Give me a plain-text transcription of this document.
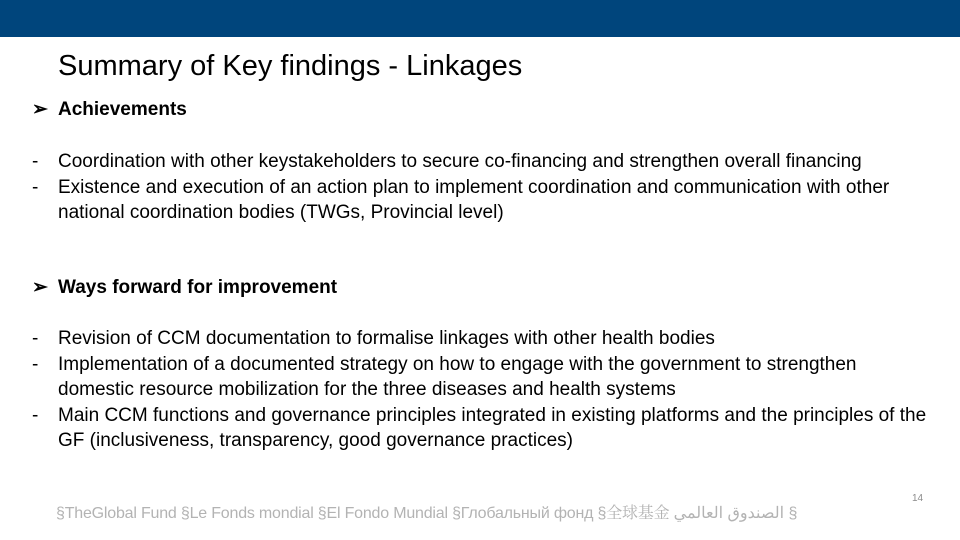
Summary of Key findings - Linkages
➢ Achievements
-	Coordination with other keystakeholders to secure co-financing and strengthen overall financing
-	Existence and execution of an action plan to implement coordination and communication with other national coordination bodies (TWGs, Provincial level)
➢ Ways forward for improvement
-	Revision of CCM documentation to formalise linkages with other health bodies
-	Implementation of a documented strategy on how to engage with the government to strengthen domestic resource mobilization for the three diseases and health systems
-	Main CCM functions and governance principles integrated in existing platforms and the principles of the GF (inclusiveness, transparency, good governance practices)
§TheGlobal Fund §Le Fonds mondial §El Fondo Mundial §Глобальный фонд §全球基金 الصندوق العالمي §
14
